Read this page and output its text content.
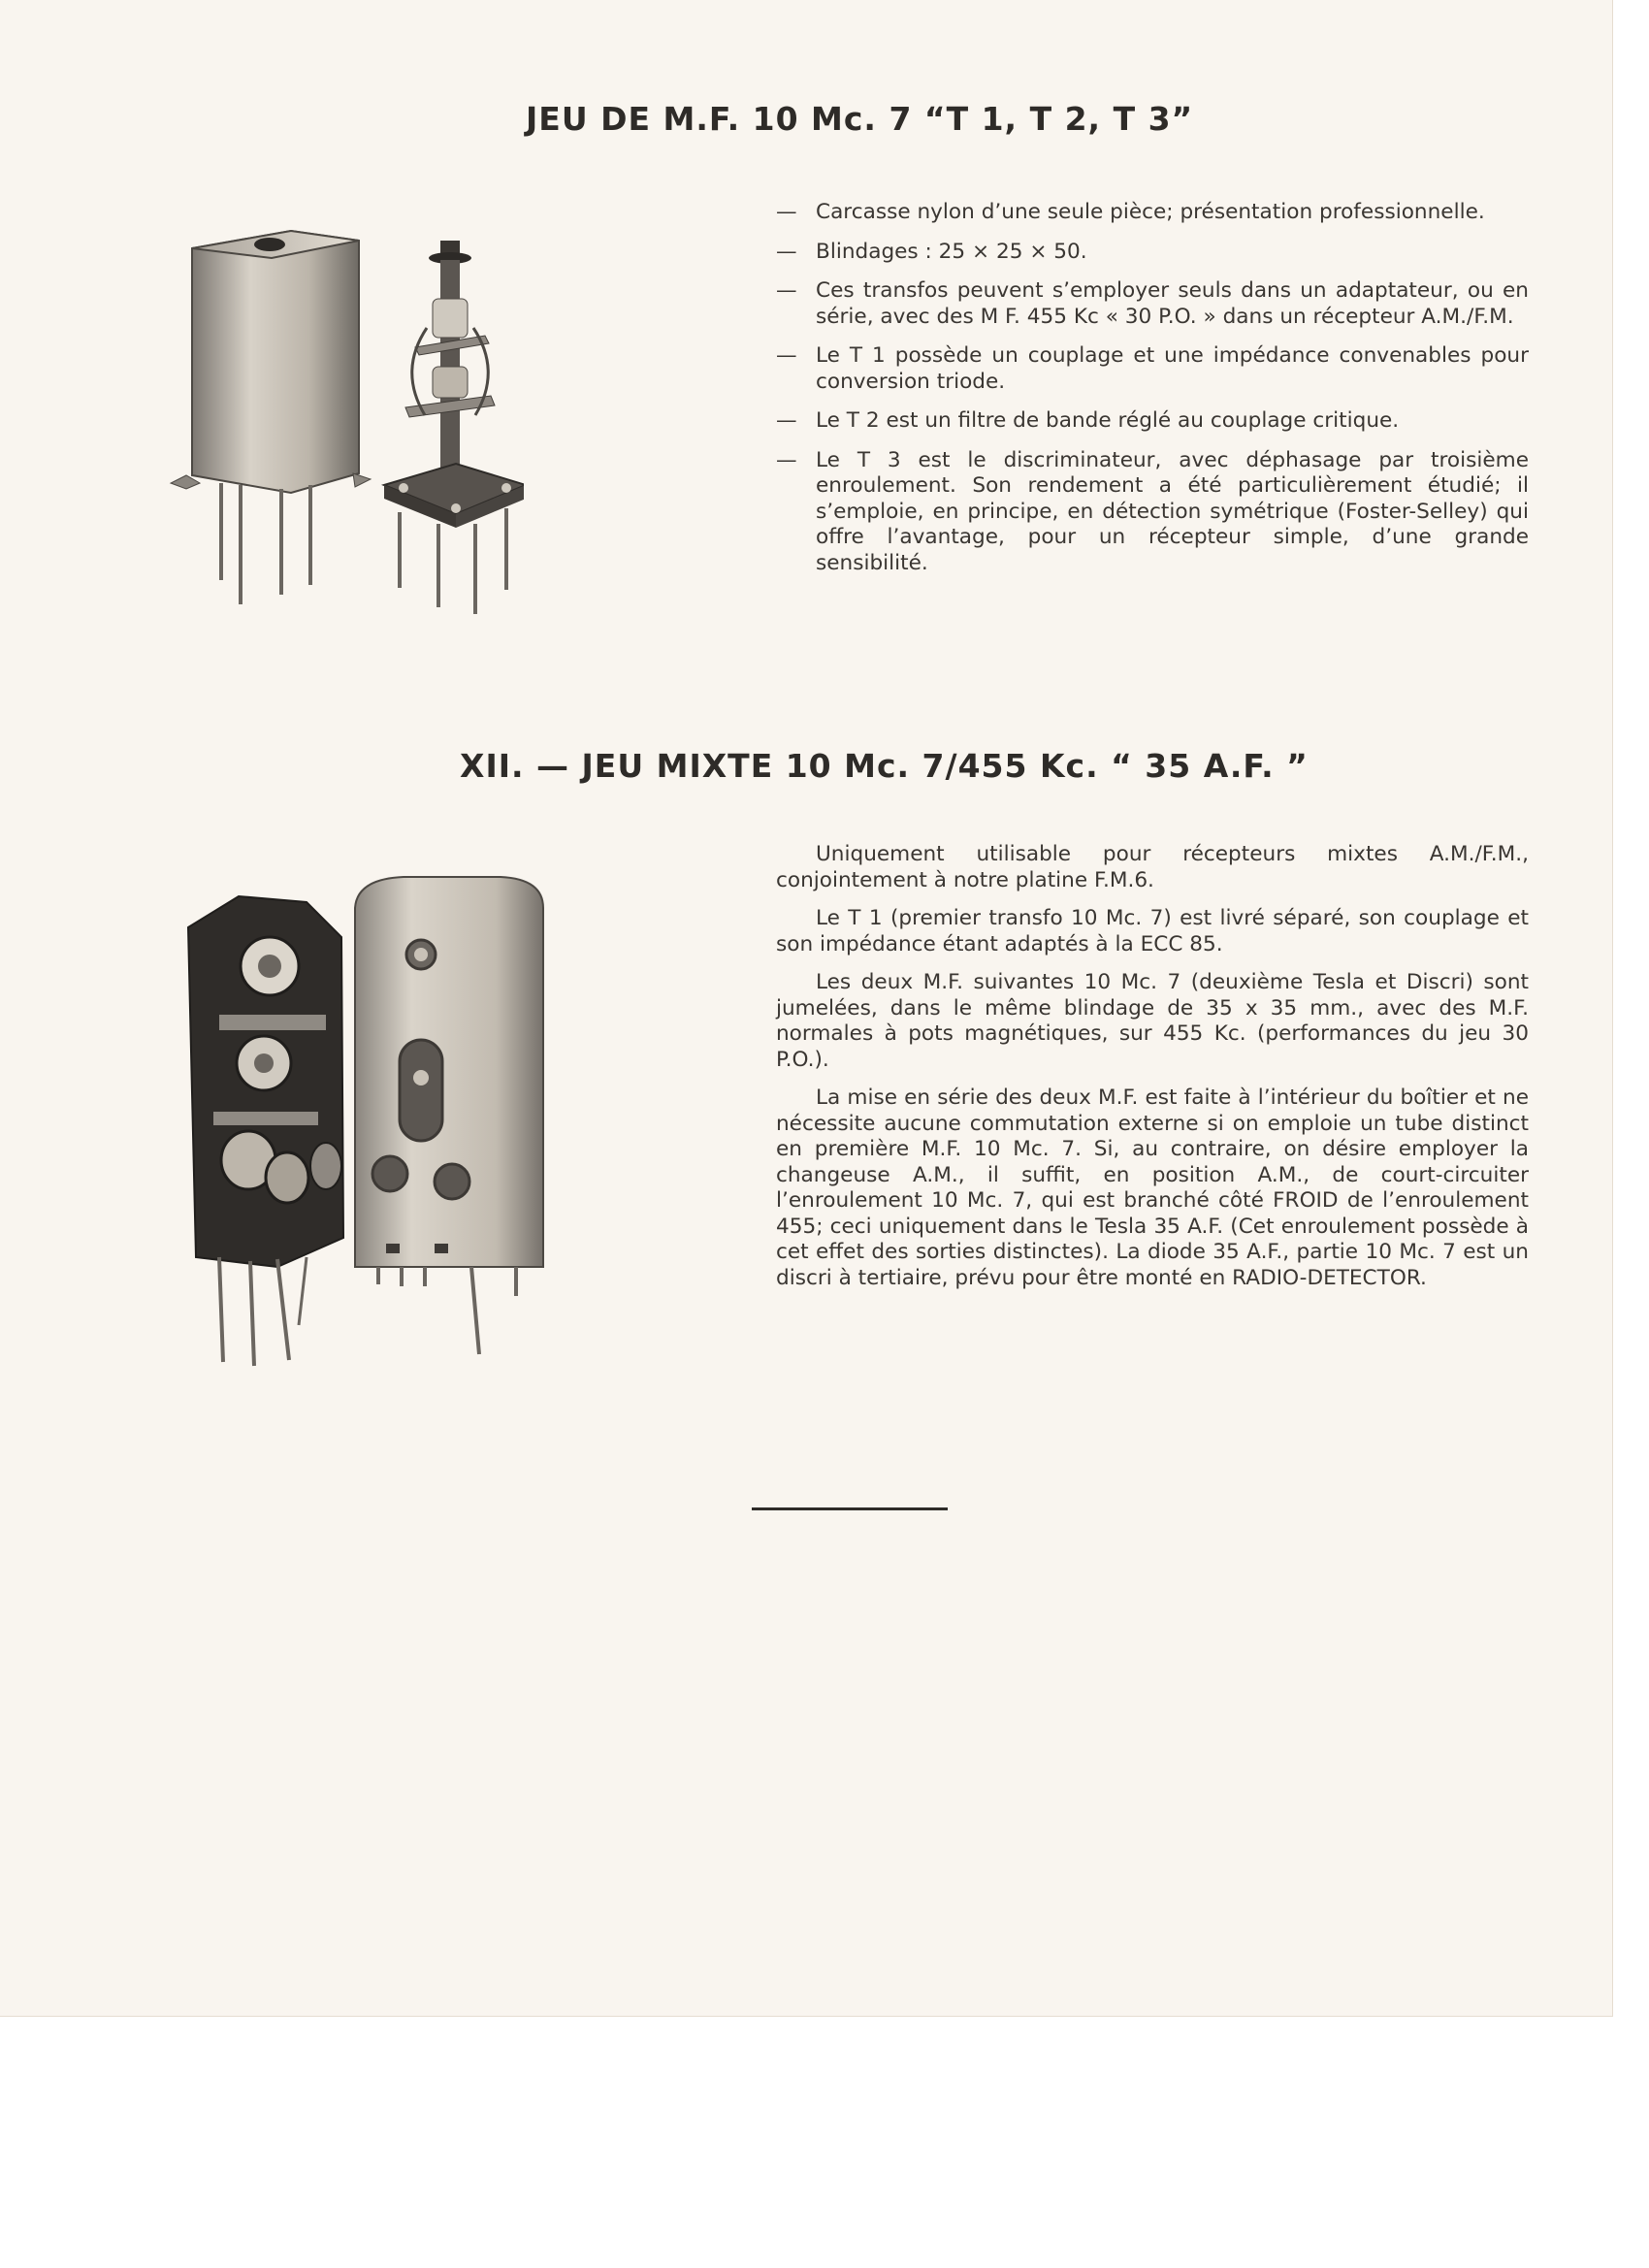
JEU DE M.F. 10 Mc. 7 “T 1, T 2, T 3”
— Carcasse nylon d’une seule pièce; présentation professionnelle.
— Blindages : 25 × 25 × 50.
— Ces transfos peuvent s’employer seuls dans un adaptateur, ou en série, avec des M F. 455 Kc « 30 P.O. » dans un récepteur A.M./F.M.
— Le T 1 possède un couplage et une impédance convenables pour conversion triode.
— Le T 2 est un filtre de bande réglé au couplage critique.
— Le T 3 est le discriminateur, avec déphasage par troisième enroulement. Son rendement a été particulièrement étudié; il s’emploie, en principe, en détection symétrique (Foster-Selley) qui offre l’avantage, pour un récepteur simple, d’une grande sensibilité.
XII. — JEU MIXTE 10 Mc. 7/455 Kc. “ 35 A.F. ”

Uniquement utilisable pour récepteurs mixtes A.M./F.M., conjointement à notre platine F.M.6.

Le T 1 (premier transfo 10 Mc. 7) est livré séparé, son couplage et son impédance étant adaptés à la ECC 85.

Les deux M.F. suivantes 10 Mc. 7 (deuxième Tesla et Discri) sont jumelées, dans le même blindage de 35 x 35 mm., avec des M.F. normales à pots magnétiques, sur 455 Kc. (performances du jeu 30 P.O.).

La mise en série des deux M.F. est faite à l’intérieur du boîtier et ne nécessite aucune commutation externe si on emploie un tube distinct en première M.F. 10 Mc. 7. Si, au contraire, on désire employer la changeuse A.M., il suffit, en position A.M., de court-circuiter l’enroulement 10 Mc. 7, qui est branché côté FROID de l’enroulement 455; ceci uniquement dans le Tesla 35 A.F. (Cet enroulement possède à cet effet des sorties distinctes). La diode 35 A.F., partie 10 Mc. 7 est un discri à tertiaire, prévu pour être monté en RADIO-DETECTOR.
